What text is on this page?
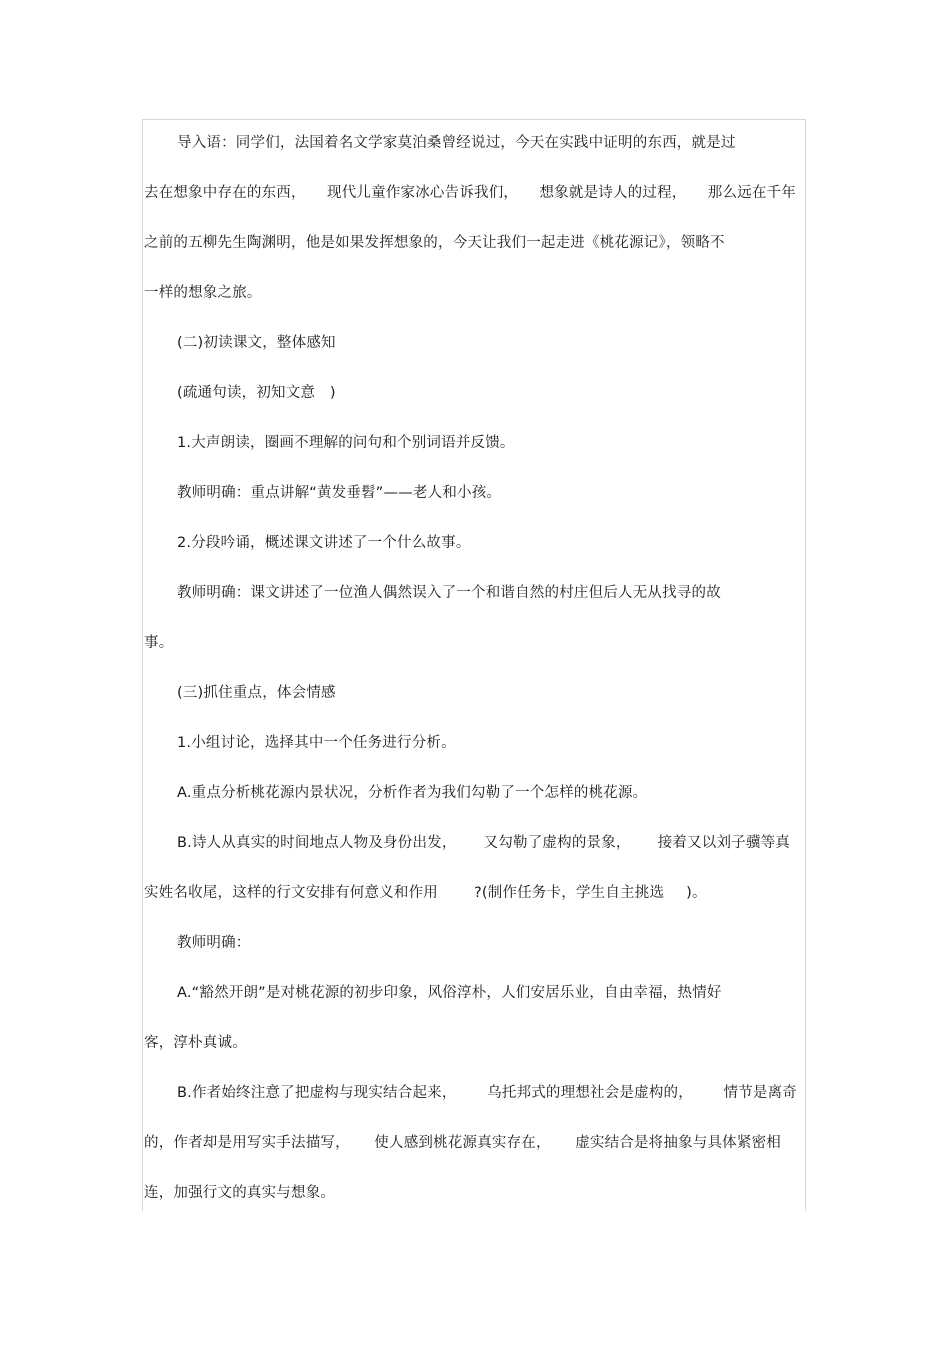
导入语：同学们，法国着名文学家莫泊桑曾经说过，今天在实践中证明的东西，就是过
去在想象中存在的东西， 现代儿童作家冰心告诉我们， 想象就是诗人的过程， 那么远在千年
之前的五柳先生陶渊明，他是如果发挥想象的，今天让我们一起走进《桃花源记》，领略不
一样的想象之旅。
(二)初读课文，整体感知
(疏通句读，初知文意　)
1.大声朗读，圈画不理解的问句和个别词语并反馈。
教师明确：重点讲解“黄发垂髫”——老人和小孩。
2.分段吟诵，概述课文讲述了一个什么故事。
教师明确：课文讲述了一位渔人偶然误入了一个和谐自然的村庄但后人无从找寻的故
事。
(三)抓住重点，体会情感
1.小组讨论，选择其中一个任务进行分析。
A.重点分析桃花源内景状况，分析作者为我们勾勒了一个怎样的桃花源。
B.诗人从真实的时间地点人物及身份出发， 又勾勒了虚构的景象， 接着又以刘子骥等真
实姓名收尾，这样的行文安排有何意义和作用 ?(制作任务卡，学生自主挑选 )。
教师明确：
A.“豁然开朗”是对桃花源的初步印象，风俗淳朴，人们安居乐业，自由幸福，热情好
客，淳朴真诚。
B.作者始终注意了把虚构与现实结合起来， 乌托邦式的理想社会是虚构的， 情节是离奇
的，作者却是用写实手法描写， 使人感到桃花源真实存在， 虚实结合是将抽象与具体紧密相
连，加强行文的真实与想象。
